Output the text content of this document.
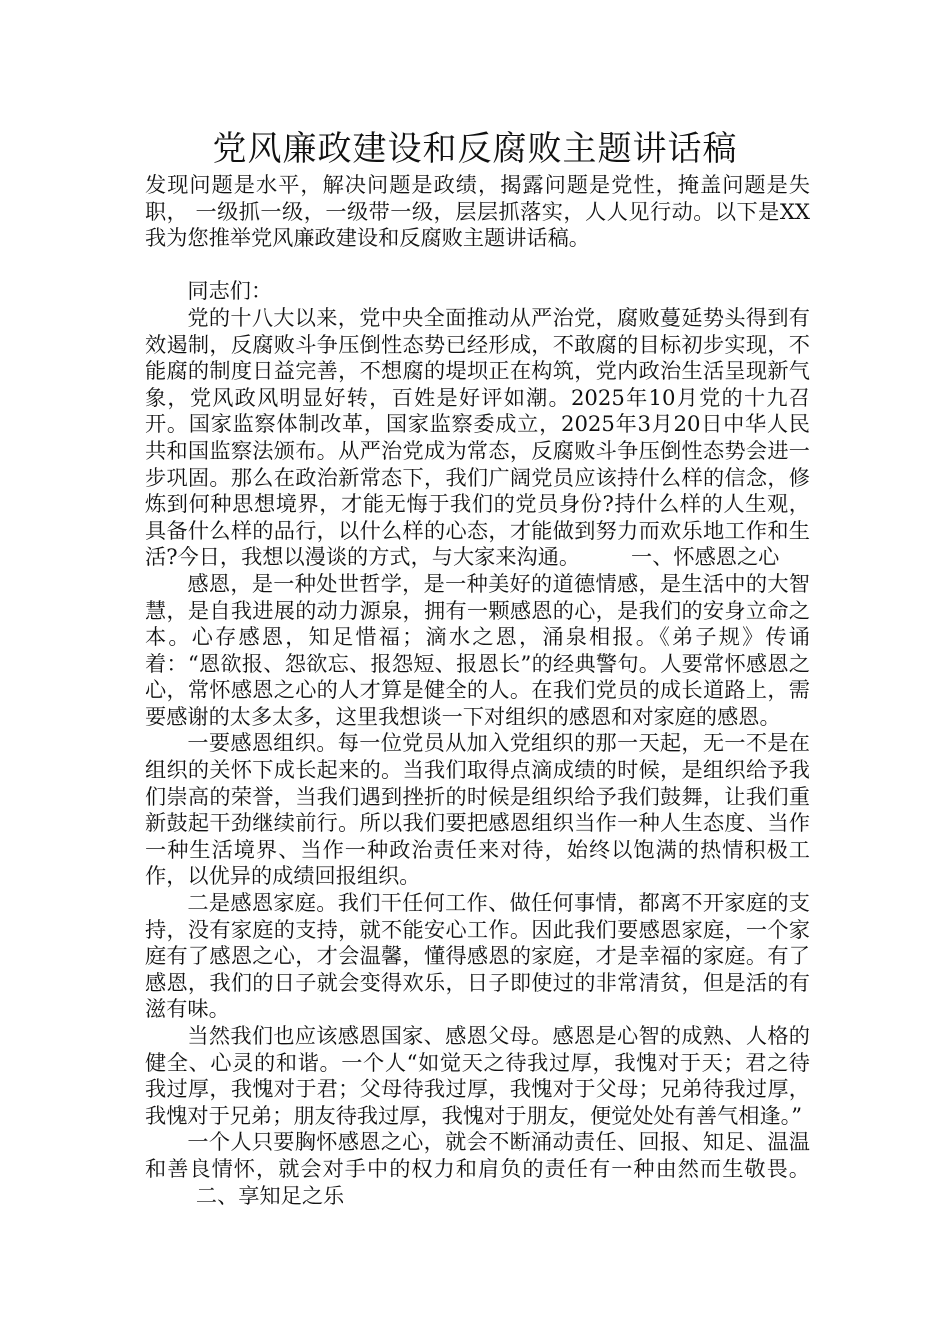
党风廉政建设和反腐败主题讲话稿

发现问题是水平，解决问题是政绩，揭露问题是党性，掩盖问题是失职， 一级抓一级，一级带一级，层层抓落实，人人见行动。以下是XX我为您推举党风廉政建设和反腐败主题讲话稿。

同志们：

党的十八大以来，党中央全面推动从严治党，腐败蔓延势头得到有效遏制，反腐败斗争压倒性态势已经形成，不敢腐的目标初步实现，不能腐的制度日益完善，不想腐的堤坝正在构筑，党内政治生活呈现新气象，党风政风明显好转，百姓是好评如潮。2025年10月党的十九召开。国家监察体制改革，国家监察委成立，2025年3月20日中华人民共和国监察法颁布。从严治党成为常态，反腐败斗争压倒性态势会进一步巩固。那么在政治新常态下，我们广阔党员应该持什么样的信念，修炼到何种思想境界，才能无悔于我们的党员身份?持什么样的人生观，具备什么样的品行，以什么样的心态，才能做到努力而欢乐地工作和生活?今日，我想以漫谈的方式，与大家来沟通。 一、怀感恩之心

感恩，是一种处世哲学，是一种美好的道德情感，是生活中的大智慧，是自我进展的动力源泉，拥有一颗感恩的心，是我们的安身立命之本。心存感恩，知足惜福；滴水之恩，涌泉相报。《弟子规》传诵着：“恩欲报、怨欲忘、报怨短、报恩长”的经典警句。人要常怀感恩之心，常怀感恩之心的人才算是健全的人。在我们党员的成长道路上，需要感谢的太多太多，这里我想谈一下对组织的感恩和对家庭的感恩。

一要感恩组织。每一位党员从加入党组织的那一天起，无一不是在组织的关怀下成长起来的。当我们取得点滴成绩的时候，是组织给予我们崇高的荣誉，当我们遇到挫折的时候是组织给予我们鼓舞，让我们重新鼓起干劲继续前行。所以我们要把感恩组织当作一种人生态度、当作一种生活境界、当作一种政治责任来对待，始终以饱满的热情积极工作，以优异的成绩回报组织。

二是感恩家庭。我们干任何工作、做任何事情，都离不开家庭的支持，没有家庭的支持，就不能安心工作。因此我们要感恩家庭，一个家庭有了感恩之心，才会温馨，懂得感恩的家庭，才是幸福的家庭。有了感恩，我们的日子就会变得欢乐，日子即使过的非常清贫，但是活的有滋有味。

当然我们也应该感恩国家、感恩父母。感恩是心智的成熟、人格的健全、心灵的和谐。一个人“如觉天之待我过厚，我愧对于天；君之待我过厚，我愧对于君；父母待我过厚，我愧对于父母；兄弟待我过厚，我愧对于兄弟；朋友待我过厚，我愧对于朋友，便觉处处有善气相逢。”

一个人只要胸怀感恩之心，就会不断涌动责任、回报、知足、温温和善良情怀，就会对手中的权力和肩负的责任有一种由然而生敬畏。二、享知足之乐
